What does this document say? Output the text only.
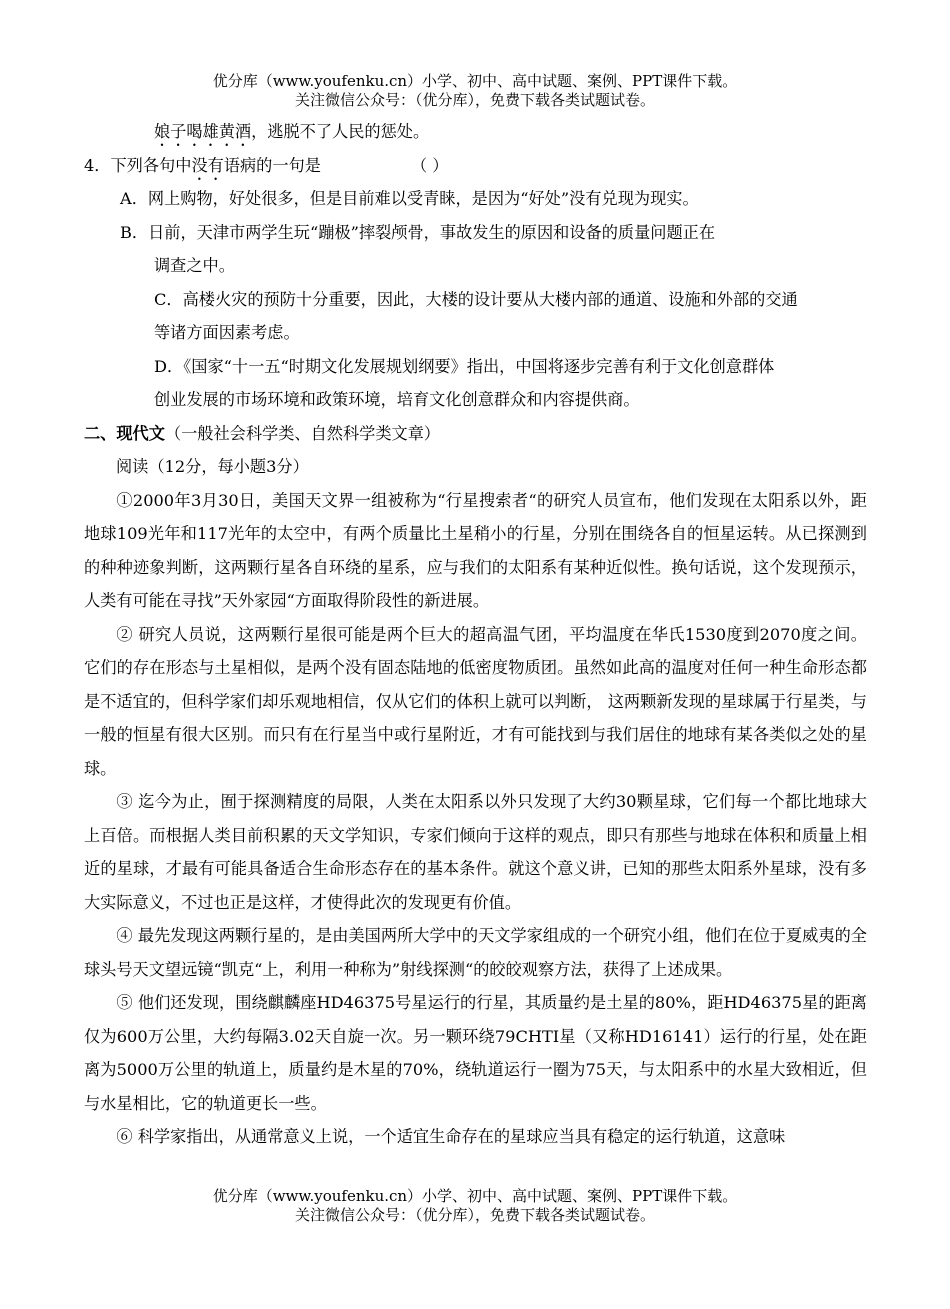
优分库（www.youfenku.cn）小学、初中、高中试题、案例、PPT课件下载。
关注微信公众号：（优分库），免费下载各类试题试卷。
娘子喝雄黄酒，逃脱不了人民的惩处。
4．下列各句中没有语病的一句是	（ ）
A．网上购物，好处很多，但是目前难以受青睐，是因为“好处”没有兑现为现实。
B．日前，天津市两学生玩“蹦极”摔裂颅骨，事故发生的原因和设备的质量问题正在
调查之中。
C．高楼火灾的预防十分重要，因此，大楼的设计要从大楼内部的通道、设施和外部的交通
等诸方面因素考虑。
D．《国家“十一五“时期文化发展规划纲要》指出，中国将逐步完善有利于文化创意群体
创业发展的市场环境和政策环境，培育文化创意群众和内容提供商。
二、现代文（一般社会科学类、自然科学类文章）
阅读（12分，每小题3分）

①2000年3月30日，美国天文界一组被称为“行星搜索者“的研究人员宣布，他们发现在太阳系以外，距地球109光年和117光年的太空中，有两个质量比土星稍小的行星，分别在围绕各自的恒星运转。从已探测到的种种迹象判断，这两颗行星各自环绕的星系，应与我们的太阳系有某种近似性。换句话说，这个发现预示，人类有可能在寻找”天外家园“方面取得阶段性的新进展。

② 研究人员说，这两颗行星很可能是两个巨大的超高温气团，平均温度在华氏1530度到2070度之间。它们的存在形态与土星相似，是两个没有固态陆地的低密度物质团。虽然如此高的温度对任何一种生命形态都是不适宜的，但科学家们却乐观地相信，仅从它们的体积上就可以判断， 这两颗新发现的星球属于行星类，与一般的恒星有很大区别。而只有在行星当中或行星附近，才有可能找到与我们居住的地球有某各类似之处的星球。

③ 迄今为止，囿于探测精度的局限，人类在太阳系以外只发现了大约30颗星球，它们每一个都比地球大上百倍。而根据人类目前积累的天文学知识，专家们倾向于这样的观点，即只有那些与地球在体积和质量上相近的星球，才最有可能具备适合生命形态存在的基本条件。就这个意义讲，已知的那些太阳系外星球，没有多大实际意义，不过也正是这样，才使得此次的发现更有价值。

④ 最先发现这两颗行星的，是由美国两所大学中的天文学家组成的一个研究小组，他们在位于夏威夷的全球头号天文望远镜“凯克“上，利用一种称为”射线探测“的皎皎观察方法，获得了上述成果。

⑤ 他们还发现，围绕麒麟座HD46375号星运行的行星，其质量约是土星的80%，距HD46375星的距离仅为600万公里，大约每隔3.02天自旋一次。另一颗环绕79CHTI星（又称HD16141）运行的行星，处在距离为5000万公里的轨道上，质量约是木星的70%，绕轨道运行一圈为75天，与太阳系中的水星大致相近，但与水星相比，它的轨道更长一些。

⑥ 科学家指出，从通常意义上说，一个适宜生命存在的星球应当具有稳定的运行轨道，这意味

优分库（www.youfenku.cn）小学、初中、高中试题、案例、PPT课件下载。
关注微信公众号：（优分库），免费下载各类试题试卷。
